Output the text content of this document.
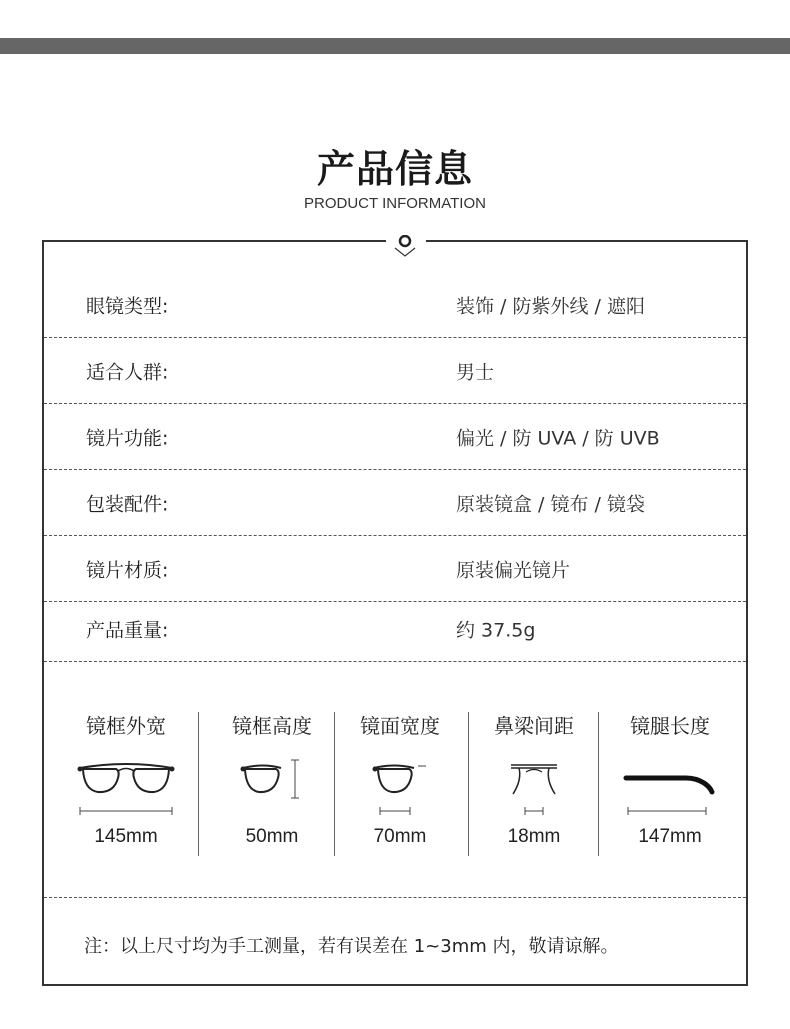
产品信息
PRODUCT INFORMATION
眼镜类型:	装饰 / 防紫外线 / 遮阳
适合人群:	男士
镜片功能:	偏光 / 防 UVA / 防 UVB
包装配件:	原装镜盒 / 镜布 / 镜袋
镜片材质:	原装偏光镜片
产品重量:	约 37.5g
镜框外宽
145mm
镜框高度
50mm
镜面宽度
70mm
鼻梁间距
18mm
镜腿长度
147mm
注：以上尺寸均为手工测量，若有误差在 1~3mm 内，敬请谅解。
